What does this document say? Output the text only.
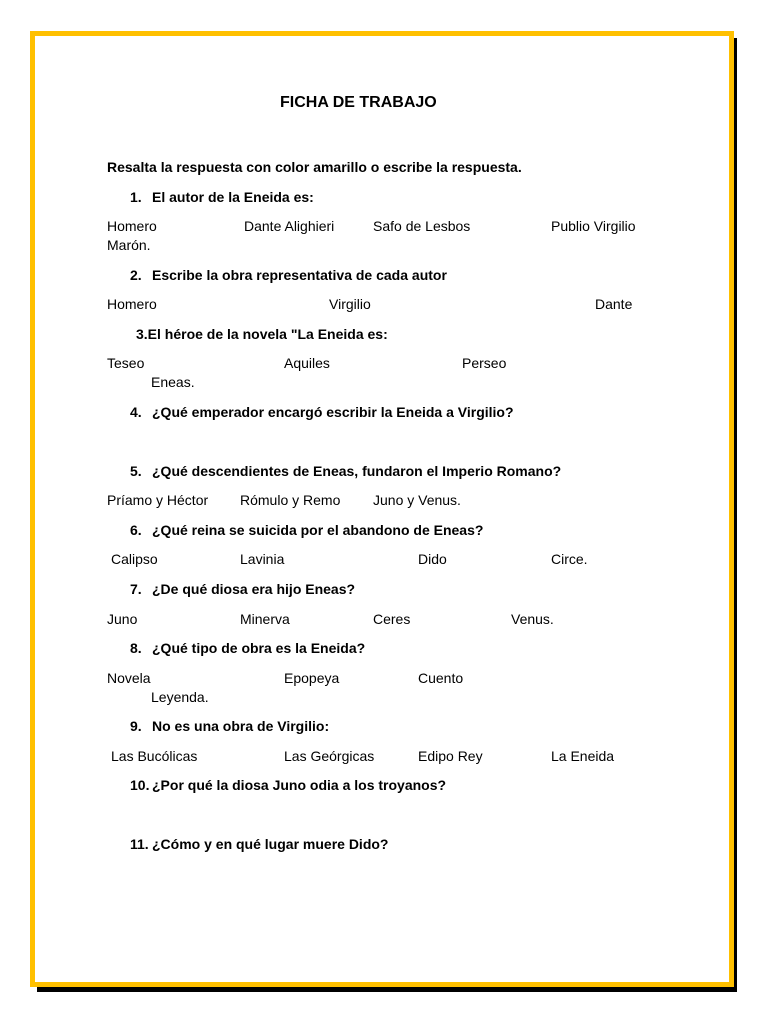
FICHA DE TRABAJO
Resalta la respuesta con color amarillo o escribe la respuesta.
1. El autor de la Eneida es:
Homero	Dante Alighieri	Safo de Lesbos	Publio Virgilio
Marón.
2. Escribe la obra representativa de cada autor
Homero	Virgilio	Dante
3.El héroe de la novela "La Eneida es:
Teseo	Aquiles	Perseo
Eneas.
4. ¿Qué emperador encargó escribir la Eneida a Virgilio?
5. ¿Qué descendientes de Eneas, fundaron el Imperio Romano?
Príamo y Héctor Rómulo y Remo Juno y Venus.
6. ¿Qué reina se suicida por el abandono de Eneas?
Calipso	Lavinia	Dido	Circe.
7. ¿De qué diosa era hijo Eneas?
Juno	Minerva	Ceres	Venus.
8. ¿Qué tipo de obra es la Eneida?
Novela	Epopeya	Cuento
Leyenda.
9. No es una obra de Virgilio:
Las Bucólicas	Las Geórgicas	Edipo Rey	La Eneida
10. ¿Por qué la diosa Juno odia a los troyanos?
11. ¿Cómo y en qué lugar muere Dido?
